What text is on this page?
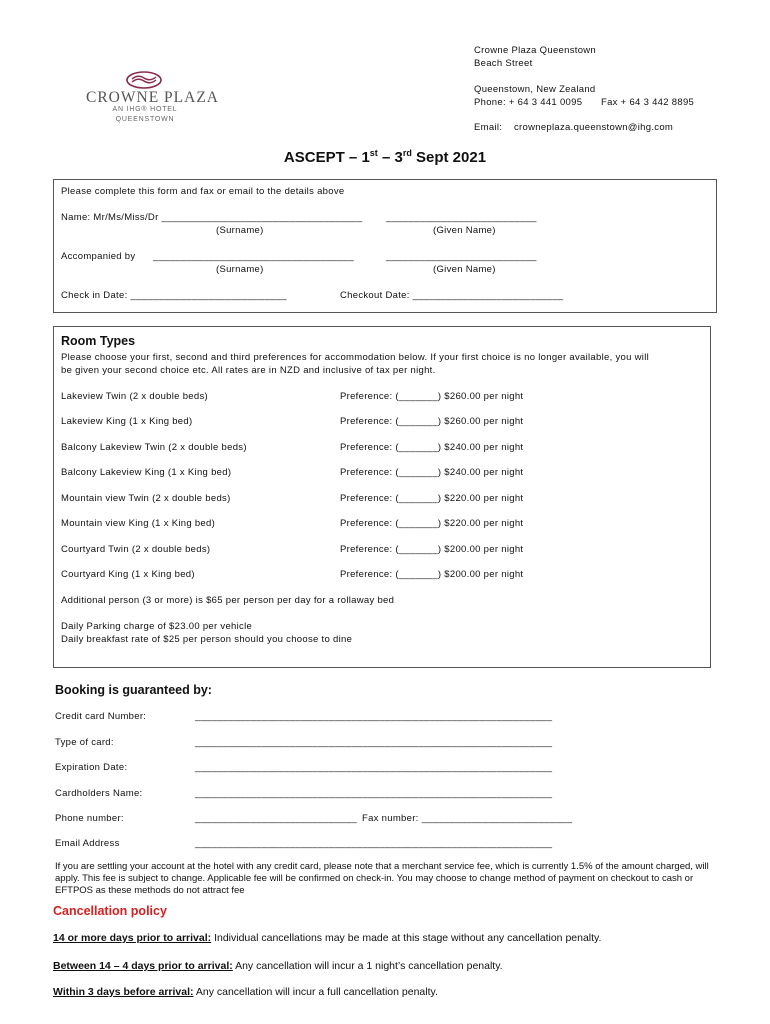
CROWNE PLAZA
AN IHG® HOTEL
QUEENSTOWN
Crowne Plaza Queenstown
Beach Street
Queenstown, New Zealand
Phone: + 64 3 441 0095 Fax + 64 3 442 8895
Email: crowneplaza.queenstown@ihg.com
ASCEPT – 1st – 3rd Sept 2021
Please complete this form and fax or email to the details above
Name: Mr/Ms/Miss/Dr ____________________________________ ___________________________
(Surname)	(Given Name)
Accompanied by ____________________________________	___________________________
(Surname)	(Given Name)
Check in Date: ____________________________	Checkout Date: ___________________________
Room Types
Please choose your first, second and third preferences for accommodation below. If your first choice is no longer available, you will
be given your second choice etc. All rates are in NZD and inclusive of tax per night.
Lakeview Twin (2 x double beds)	Preference: (_______) $260.00 per night
Lakeview King (1 x King bed)	Preference: (_______) $260.00 per night
Balcony Lakeview Twin (2 x double beds)	Preference: (_______) $240.00 per night
Balcony Lakeview King (1 x King bed)	Preference: (_______) $240.00 per night
Mountain view Twin (2 x double beds)	Preference: (_______) $220.00 per night
Mountain view King (1 x King bed)	Preference: (_______) $220.00 per night
Courtyard Twin (2 x double beds)	Preference: (_______) $200.00 per night
Courtyard King (1 x King bed)	Preference: (_______) $200.00 per night
Additional person (3 or more) is $65 per person per day for a rollaway bed
Daily Parking charge of $23.00 per vehicle
Daily breakfast rate of $25 per person should you choose to dine
Booking is guaranteed by:
Credit card Number:	________________________________________________________________
Type of card:	________________________________________________________________
Expiration Date:	________________________________________________________________
Cardholders Name:	________________________________________________________________
Phone number:	_____________________________ Fax number: ___________________________
Email Address	________________________________________________________________
If you are settling your account at the hotel with any credit card, please note that a merchant service fee, which is currently 1.5% of the amount charged, will apply. This fee is subject to change. Applicable fee will be confirmed on check-in. You may choose to change method of payment on checkout to cash or EFTPOS as these methods do not attract fee
Cancellation policy
14 or more days prior to arrival: Individual cancellations may be made at this stage without any cancellation penalty.
Between 14 – 4 days prior to arrival: Any cancellation will incur a 1 night’s cancellation penalty.
Within 3 days before arrival: Any cancellation will incur a full cancellation penalty.
